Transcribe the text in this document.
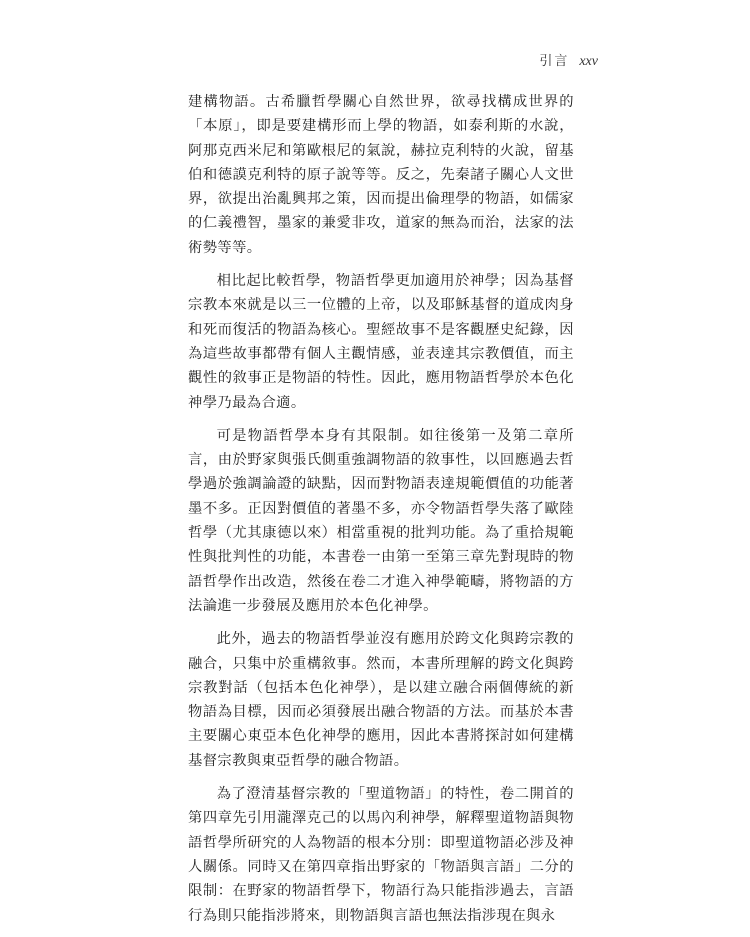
引言 xxv

建構物語。古希臘哲學關心自然世界，欲尋找構成世界的「本原」，即是要建構形而上學的物語，如泰利斯的水說，阿那克西米尼和第歐根尼的氣說，赫拉克利特的火說，留基伯和德謨克利特的原子說等等。反之，先秦諸子關心人文世界，欲提出治亂興邦之策，因而提出倫理學的物語，如儒家的仁義禮智，墨家的兼愛非攻，道家的無為而治，法家的法術勢等等。

相比起比較哲學，物語哲學更加適用於神學；因為基督宗教本來就是以三一位體的上帝，以及耶穌基督的道成肉身和死而復活的物語為核心。聖經故事不是客觀歷史紀錄，因為這些故事都帶有個人主觀情感，並表達其宗教價值，而主觀性的敘事正是物語的特性。因此，應用物語哲學於本色化神學乃最為合適。

可是物語哲學本身有其限制。如往後第一及第二章所言，由於野家與張氏側重強調物語的敘事性，以回應過去哲學過於強調論證的缺點，因而對物語表達規範價值的功能著墨不多。正因對價值的著墨不多，亦令物語哲學失落了歐陸哲學（尤其康德以來）相當重視的批判功能。為了重拾規範性與批判性的功能，本書卷一由第一至第三章先對現時的物語哲學作出改造，然後在卷二才進入神學範疇，將物語的方法論進一步發展及應用於本色化神學。

此外，過去的物語哲學並沒有應用於跨文化與跨宗教的融合，只集中於重構敘事。然而，本書所理解的跨文化與跨宗教對話（包括本色化神學），是以建立融合兩個傳統的新物語為目標，因而必須發展出融合物語的方法。而基於本書主要關心東亞本色化神學的應用，因此本書將探討如何建構基督宗教與東亞哲學的融合物語。

為了澄清基督宗教的「聖道物語」的特性，卷二開首的第四章先引用瀧澤克己的以馬內利神學，解釋聖道物語與物語哲學所研究的人為物語的根本分別：即聖道物語必涉及神人關係。同時又在第四章指出野家的「物語與言語」二分的限制：在野家的物語哲學下，物語行為只能指涉過去，言語行為則只能指涉將來，則物語與言語也無法指涉現在與永
